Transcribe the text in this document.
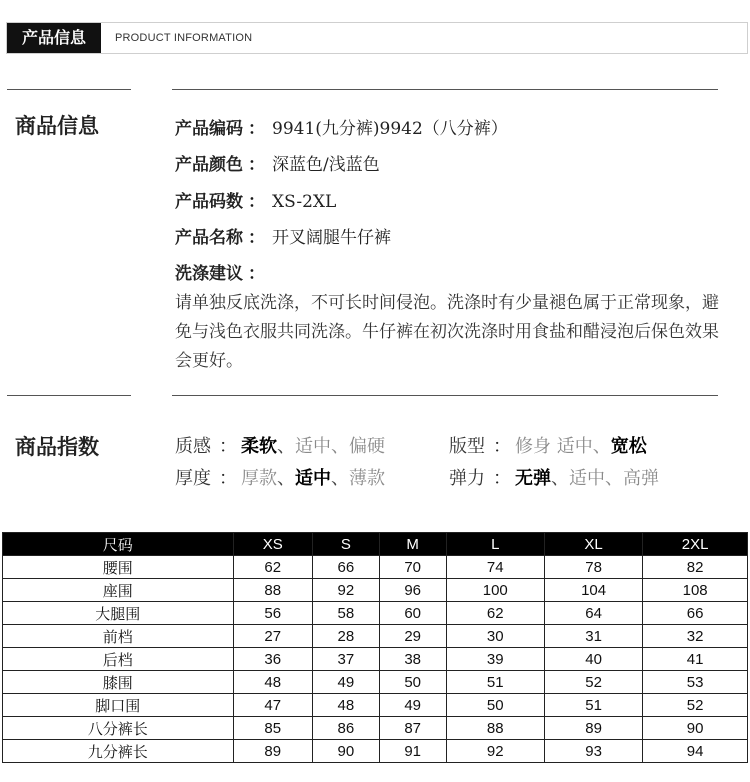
产品信息	PRODUCT INFORMATION
商品信息	产品编码 ： 9941(九分裤)9942（八分裤）
产品颜色 ： 深蓝色/浅蓝色
产品码数 ： XS-2XL
产品名称 ： 开叉阔腿牛仔裤
洗涤建议 ：
请单独反底洗涤，不可长时间侵泡。洗涤时有少量褪色属于正常现象，避免与浅色衣服共同洗涤。牛仔裤在初次洗涤时用食盐和醋浸泡后保色效果会更好。
商品指数	质感 ： 柔软、适中、偏硬
厚度 ： 厚款、适中、薄款
版型 ： 修身 适中、宽松
弹力 ： 无弹、适中、高弹
尺码	XS	S	M	L	XL	2XL
腰围	62	66	70	74	78	82
座围	88	92	96	100	104	108
大腿围	56	58	60	62	64	66
前档	27	28	29	30	31	32
后档	36	37	38	39	40	41
膝围	48	49	50	51	52	53
脚口围	47	48	49	50	51	52
八分裤长	85	86	87	88	89	90
九分裤长	89	90	91	92	93	94
